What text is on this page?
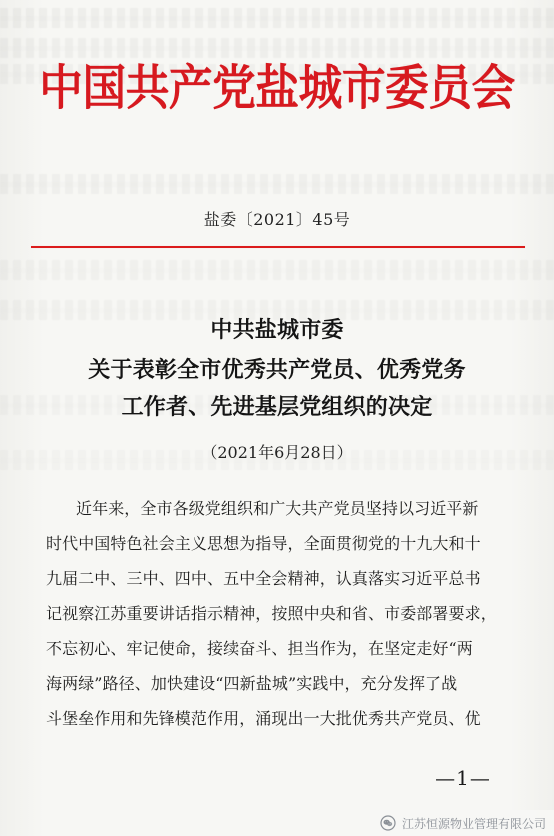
中国共产党盐城市委员会
盐委〔2021〕45号
中共盐城市委
关于表彰全市优秀共产党员、优秀党务
工作者、先进基层党组织的决定
（2021年6月28日）
近年来，全市各级党组织和广大共产党员坚持以习近平新
时代中国特色社会主义思想为指导，全面贯彻党的十九大和十
九届二中、三中、四中、五中全会精神，认真落实习近平总书
记视察江苏重要讲话指示精神，按照中央和省、市委部署要求，
不忘初心、牢记使命，接续奋斗、担当作为，在坚定走好“两
海两绿”路径、加快建设“四新盐城”实践中，充分发挥了战
斗堡垒作用和先锋模范作用，涌现出一大批优秀共产党员、优
—1—
江苏恒源物业管理有限公司
